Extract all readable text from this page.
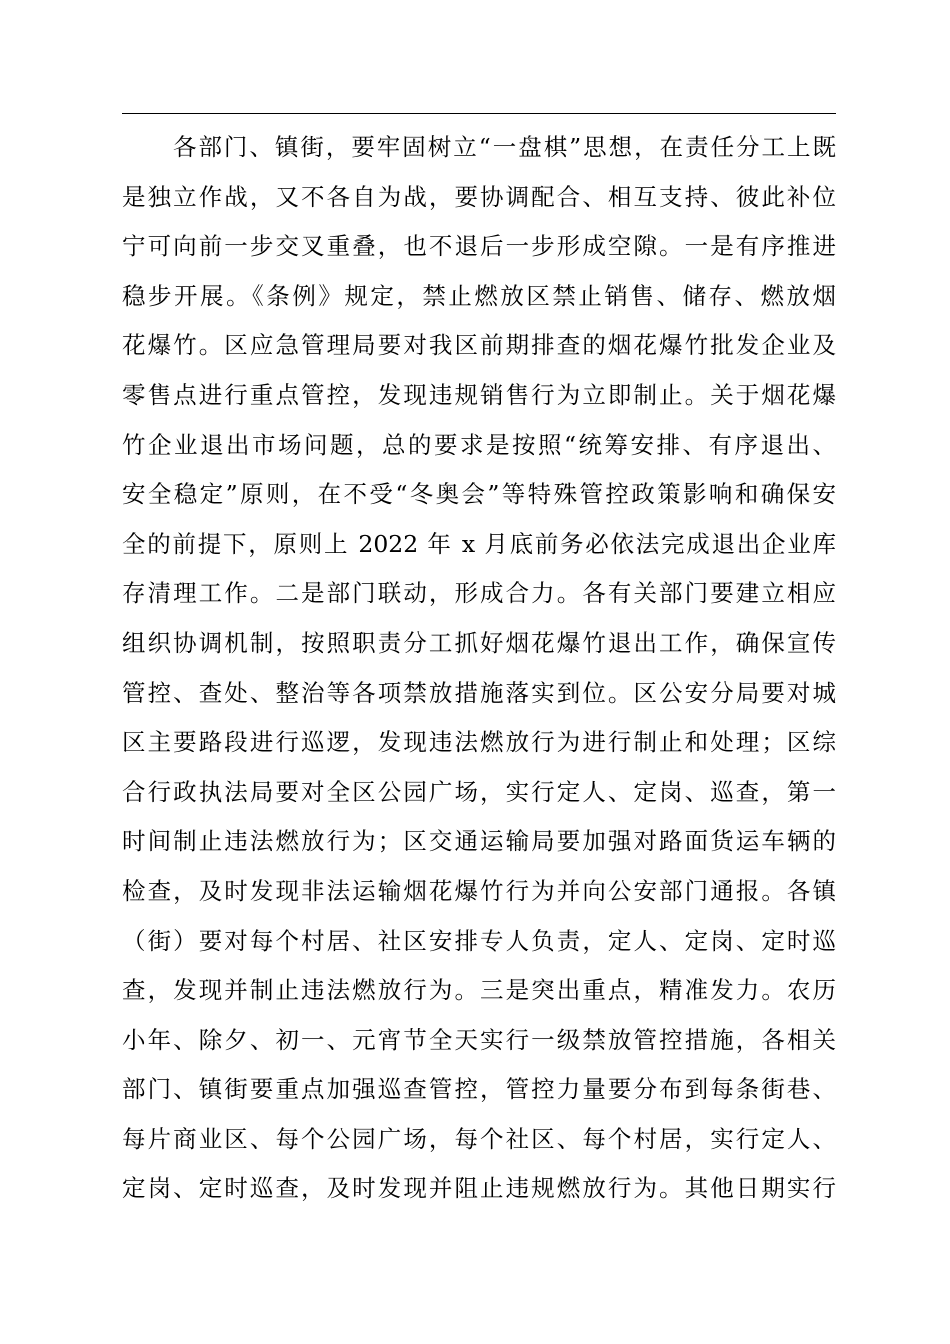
　　各部门、镇街，要牢固树立“一盘棋”思想，在责任分工上既
是独立作战，又不各自为战，要协调配合、相互支持、彼此补位
宁可向前一步交叉重叠，也不退后一步形成空隙。一是有序推进
稳步开展。《条例》规定，禁止燃放区禁止销售、储存、燃放烟
花爆竹。区应急管理局要对我区前期排查的烟花爆竹批发企业及
零售点进行重点管控，发现违规销售行为立即制止。关于烟花爆
竹企业退出市场问题，总的要求是按照“统筹安排、有序退出、
安全稳定”原则，在不受“冬奥会”等特殊管控政策影响和确保安
全的前提下，原则上 2022 年 x 月底前务必依法完成退出企业库
存清理工作。二是部门联动，形成合力。各有关部门要建立相应
组织协调机制，按照职责分工抓好烟花爆竹退出工作，确保宣传
管控、查处、整治等各项禁放措施落实到位。区公安分局要对城
区主要路段进行巡逻，发现违法燃放行为进行制止和处理；区综
合行政执法局要对全区公园广场，实行定人、定岗、巡查，第一
时间制止违法燃放行为；区交通运输局要加强对路面货运车辆的
检查，及时发现非法运输烟花爆竹行为并向公安部门通报。各镇
（街）要对每个村居、社区安排专人负责，定人、定岗、定时巡
查，发现并制止违法燃放行为。三是突出重点，精准发力。农历
小年、除夕、初一、元宵节全天实行一级禁放管控措施，各相关
部门、镇街要重点加强巡查管控，管控力量要分布到每条街巷、
每片商业区、每个公园广场，每个社区、每个村居，实行定人、
定岗、定时巡查，及时发现并阻止违规燃放行为。其他日期实行
